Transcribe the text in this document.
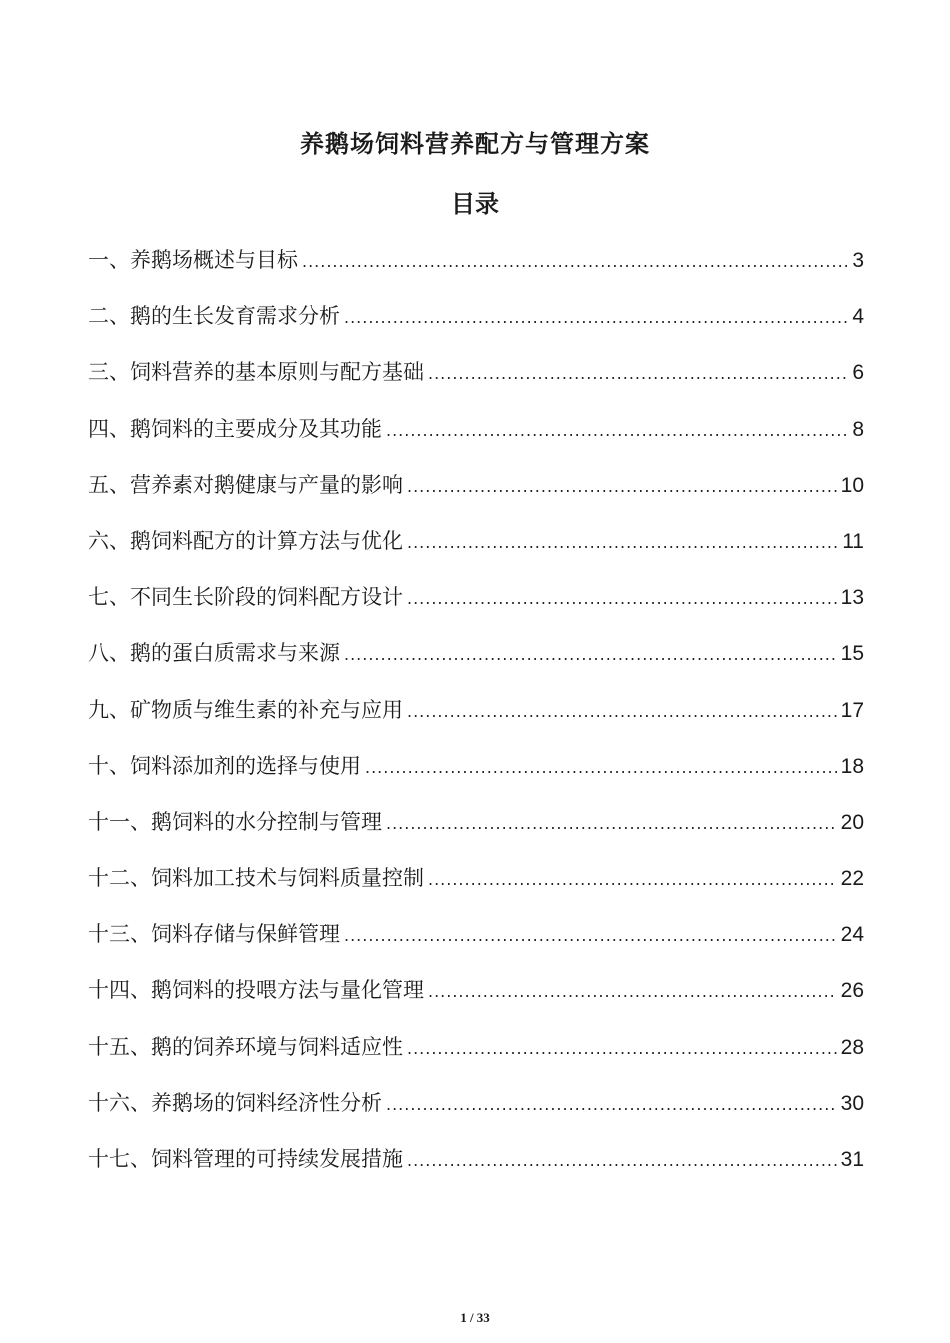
养鹅场饲料营养配方与管理方案
目录
一、养鹅场概述与目标 .....	3
二、鹅的生长发育需求分析 .....	4
三、饲料营养的基本原则与配方基础 .....	6
四、鹅饲料的主要成分及其功能 .....	8
五、营养素对鹅健康与产量的影响 .....	10
六、鹅饲料配方的计算方法与优化 .....	11
七、不同生长阶段的饲料配方设计 .....	13
八、鹅的蛋白质需求与来源 .....	15
九、矿物质与维生素的补充与应用 .....	17
十、饲料添加剂的选择与使用 .....	18
十一、鹅饲料的水分控制与管理 .....	20
十二、饲料加工技术与饲料质量控制 .....	22
十三、饲料存储与保鲜管理 .....	24
十四、鹅饲料的投喂方法与量化管理 .....	26
十五、鹅的饲养环境与饲料适应性 .....	28
十六、养鹅场的饲料经济性分析 .....	30
十七、饲料管理的可持续发展措施 .....	31
1 / 33
